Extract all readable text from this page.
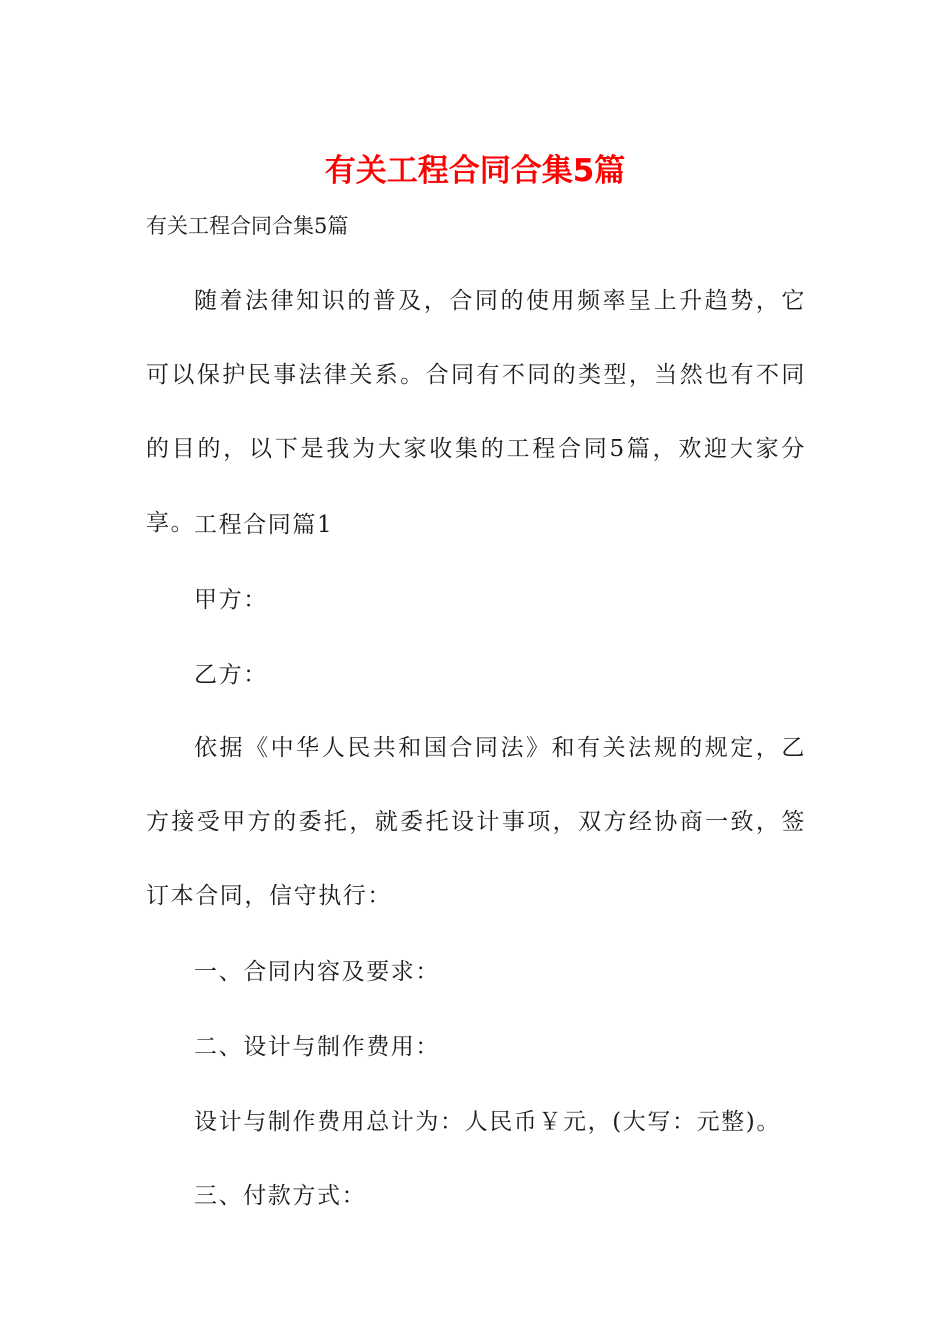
有关工程合同合集5篇

有关工程合同合集5篇

随着法律知识的普及，合同的使用频率呈上升趋势，它可以保护民事法律关系。合同有不同的类型，当然也有不同的目的，以下是我为大家收集的工程合同5篇，欢迎大家分享。

工程合同篇1

甲方：

乙方：

依据《中华人民共和国合同法》和有关法规的规定，乙方接受甲方的委托，就委托设计事项，双方经协商一致，签订本合同，信守执行：

一、合同内容及要求：

二、设计与制作费用：

设计与制作费用总计为：人民币￥元，(大写：元整)。

三、付款方式：
